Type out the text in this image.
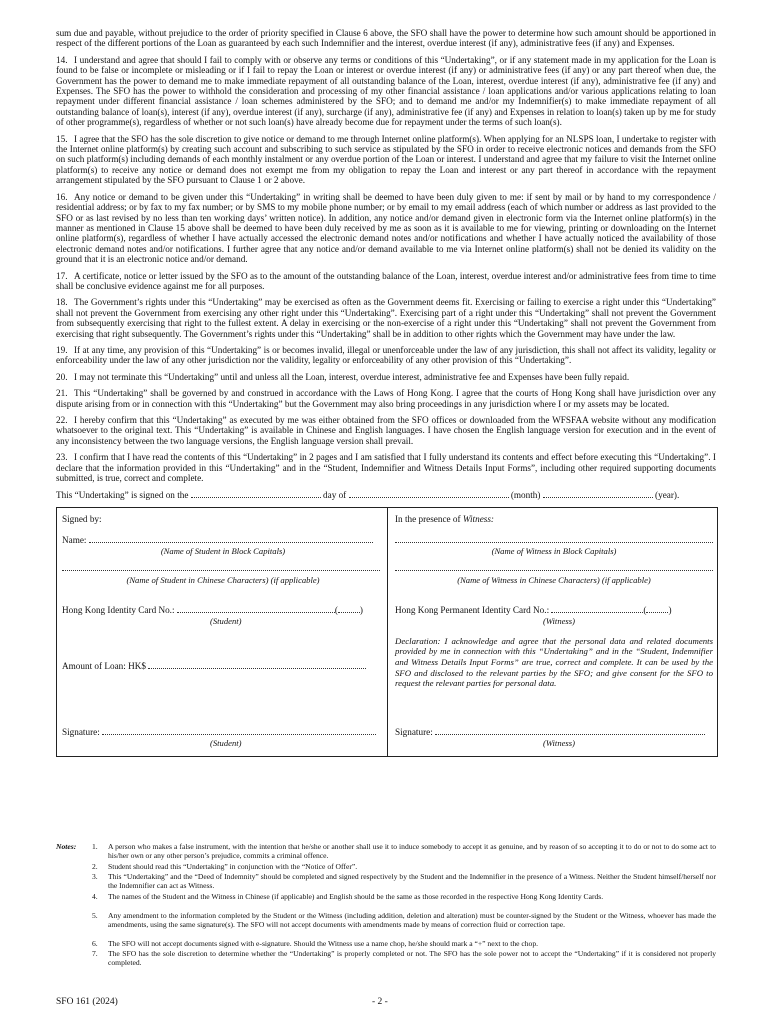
sum due and payable, without prejudice to the order of priority specified in Clause 6 above, the SFO shall have the power to determine how such amount should be apportioned in respect of the different portions of the Loan as guaranteed by each such Indemnifier and the interest, overdue interest (if any), administrative fees (if any) and Expenses.

14. I understand and agree that should I fail to comply with or observe any terms or conditions of this “Undertaking”, or if any statement made in my application for the Loan is found to be false or incomplete or misleading or if I fail to repay the Loan or interest or overdue interest (if any) or administrative fees (if any) or any part thereof when due, the Government has the power to demand me to make immediate repayment of all outstanding balance of the Loan, interest, overdue interest (if any), administrative fee (if any) and Expenses. The SFO has the power to withhold the consideration and processing of my other financial assistance / loan applications and/or various applications relating to loan repayment under different financial assistance / loan schemes administered by the SFO; and to demand me and/or my Indemnifier(s) to make immediate repayment of all outstanding balance of loan(s), interest (if any), overdue interest (if any), surcharge (if any), administrative fee (if any) and Expenses in relation to loan(s) taken up by me for study of other programme(s), regardless of whether or not such loan(s) have already become due for repayment under the terms of such loan(s).

15. I agree that the SFO has the sole discretion to give notice or demand to me through Internet online platform(s). When applying for an NLSPS loan, I undertake to register with the Internet online platform(s) by creating such account and subscribing to such service as stipulated by the SFO in order to receive electronic notices and demands from the SFO on such platform(s) including demands of each monthly instalment or any overdue portion of the Loan or interest. I understand and agree that my failure to visit the Internet online platform(s) to receive any notice or demand does not exempt me from my obligation to repay the Loan and interest or any part thereof in accordance with the repayment arrangement stipulated by the SFO pursuant to Clause 1 or 2 above.

16. Any notice or demand to be given under this “Undertaking” in writing shall be deemed to have been duly given to me: if sent by mail or by hand to my correspondence / residential address; or by fax to my fax number; or by SMS to my mobile phone number; or by email to my email address (each of which number or address as last provided to the SFO or as last revised by no less than ten working days’ written notice). In addition, any notice and/or demand given in electronic form via the Internet online platform(s) in the manner as mentioned in Clause 15 above shall be deemed to have been duly received by me as soon as it is available to me for viewing, printing or downloading on the Internet online platform(s), regardless of whether I have actually accessed the electronic demand notes and/or notifications and whether I have actually noticed the availability of those electronic demand notes and/or notifications. I further agree that any notice and/or demand available to me via Internet online platform(s) shall not be denied its validity on the ground that it is an electronic notice and/or demand.

17. A certificate, notice or letter issued by the SFO as to the amount of the outstanding balance of the Loan, interest, overdue interest and/or administrative fees from time to time shall be conclusive evidence against me for all purposes.

18. The Government’s rights under this “Undertaking” may be exercised as often as the Government deems fit. Exercising or failing to exercise a right under this “Undertaking” shall not prevent the Government from exercising any other right under this “Undertaking”. Exercising part of a right under this “Undertaking” shall not prevent the Government from subsequently exercising that right to the fullest extent. A delay in exercising or the non-exercise of a right under this “Undertaking” shall not prevent the Government from exercising that right subsequently. The Government’s rights under this “Undertaking” shall be in addition to other rights which the Government may have under the law.

19. If at any time, any provision of this “Undertaking” is or becomes invalid, illegal or unenforceable under the law of any jurisdiction, this shall not affect its validity, legality or enforceability under the law of any other jurisdiction nor the validity, legality or enforceability of any other provision of this “Undertaking”.

20. I may not terminate this “Undertaking” until and unless all the Loan, interest, overdue interest, administrative fee and Expenses have been fully repaid.

21. This “Undertaking” shall be governed by and construed in accordance with the Laws of Hong Kong. I agree that the courts of Hong Kong shall have jurisdiction over any dispute arising from or in connection with this “Undertaking” but the Government may also bring proceedings in any jurisdiction where I or my assets may be located.

22. I hereby confirm that this “Undertaking” as executed by me was either obtained from the SFO offices or downloaded from the WFSFAA website without any modification whatsoever to the original text. This “Undertaking” is available in Chinese and English languages. I have chosen the English language version for execution and in the event of any inconsistency between the two language versions, the English language version shall prevail.

23. I confirm that I have read the contents of this “Undertaking” in 2 pages and I am satisfied that I fully understand its contents and effect before executing this “Undertaking”. I declare that the information provided in this “Undertaking” and in the “Student, Indemnifier and Witness Details Input Forms”, including other required supporting documents submitted, is true, correct and complete.

This “Undertaking” is signed on the	day of	(month)	(year).
Signed by:
Name:
(Name of Student in Block Capitals)
(Name of Student in Chinese Characters) (if applicable)
Hong Kong Identity Card No.:	( )
(Student)
Amount of Loan: HK$
Signature:
(Student)
In the presence of Witness:
(Name of Witness in Block Capitals)
(Name of Witness in Chinese Characters) (if applicable)
Hong Kong Permanent Identity Card No.:	( )
(Witness)
Declaration: I acknowledge and agree that the personal data and related documents provided by me in connection with this “Undertaking” and in the “Student, Indemnifier and Witness Details Input Forms” are true, correct and complete. It can be used by the SFO and disclosed to the relevant parties by the SFO; and give consent for the SFO to request the relevant parties for personal data.
Signature:
(Witness)
Notes: 1. A person who makes a false instrument, with the intention that he/she or another shall use it to induce somebody to accept it as genuine, and by reason of so accepting it to do or not to do some act to his/her own or any other person’s prejudice, commits a criminal offence.
2. Student should read this “Undertaking” in conjunction with the “Notice of Offer”.
3. This “Undertaking” and the “Deed of Indemnity” should be completed and signed respectively by the Student and the Indemnifier in the presence of a Witness. Neither the Student himself/herself nor the Indemnifier can act as Witness.
4. The names of the Student and the Witness in Chinese (if applicable) and English should be the same as those recorded in the respective Hong Kong Identity Cards.
5. Any amendment to the information completed by the Student or the Witness (including addition, deletion and alteration) must be counter-signed by the Student or the Witness, whoever has made the amendments, using the same signature(s). The SFO will not accept documents with amendments made by means of correction fluid or correction tape.
6. The SFO will not accept documents signed with e-signature. Should the Witness use a name chop, he/she should mark a “+” next to the chop.
7. The SFO has the sole discretion to determine whether the “Undertaking” is properly completed or not. The SFO has the sole power not to accept the “Undertaking” if it is considered not properly completed.
SFO 161 (2024)	- 2 -
